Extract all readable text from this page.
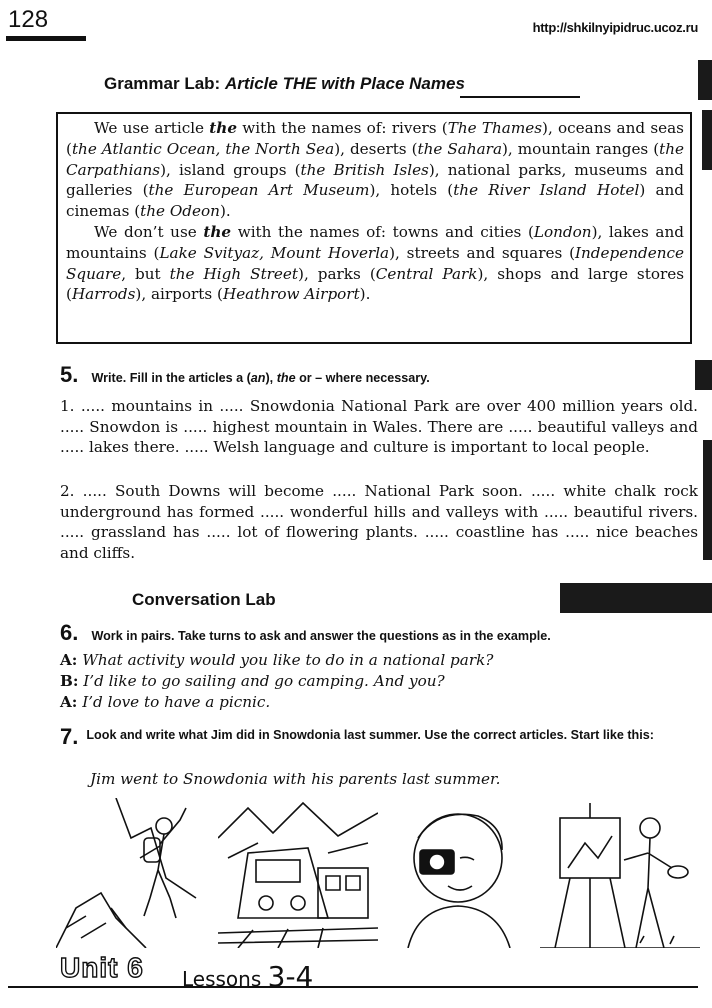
128	http://shkilnyipidruc.ucoz.ru
Grammar Lab: Article THE with Place Names

We use article the with the names of: rivers (The Thames), oceans and seas (the Atlantic Ocean, the North Sea), deserts (the Sahara), mountain ranges (the Carpathians), island groups (the British Isles), national parks, museums and galleries (the European Art Museum), hotels (the River Island Hotel) and cinemas (the Odeon).

We don’t use the with the names of: towns and cities (London), lakes and mountains (Lake Svityaz, Mount Hoverla), streets and squares (Independence Square, but the High Street), parks (Central Park), shops and large stores (Harrods), airports (Heathrow Airport).

5. Write. Fill in the articles a (an), the or – where necessary.
1. ..... mountains in ..... Snowdonia National Park are over 400 million years old. ..... Snowdon is ..... highest mountain in Wales. There are ..... beautiful valleys and ..... lakes there. ..... Welsh language and culture is important to local people.
2. ..... South Downs will become ..... National Park soon. ..... white chalk rock underground has formed ..... wonderful hills and valleys with ..... beautiful rivers. ..... grassland has ..... lot of flowering plants. ..... coastline has ..... nice beaches and cliffs.
Conversation Lab
6. Work in pairs. Take turns to ask and answer the questions as in the example.
A: What activity would you like to do in a national park?
B: I’d like to go sailing and go camping. And you?
A: I’d love to have a picnic.
7. Look and write what Jim did in Snowdonia last summer. Use the correct articles. Start like this:
Jim went to Snowdonia with his parents last summer.
Unit 6 Lessons 3-4
